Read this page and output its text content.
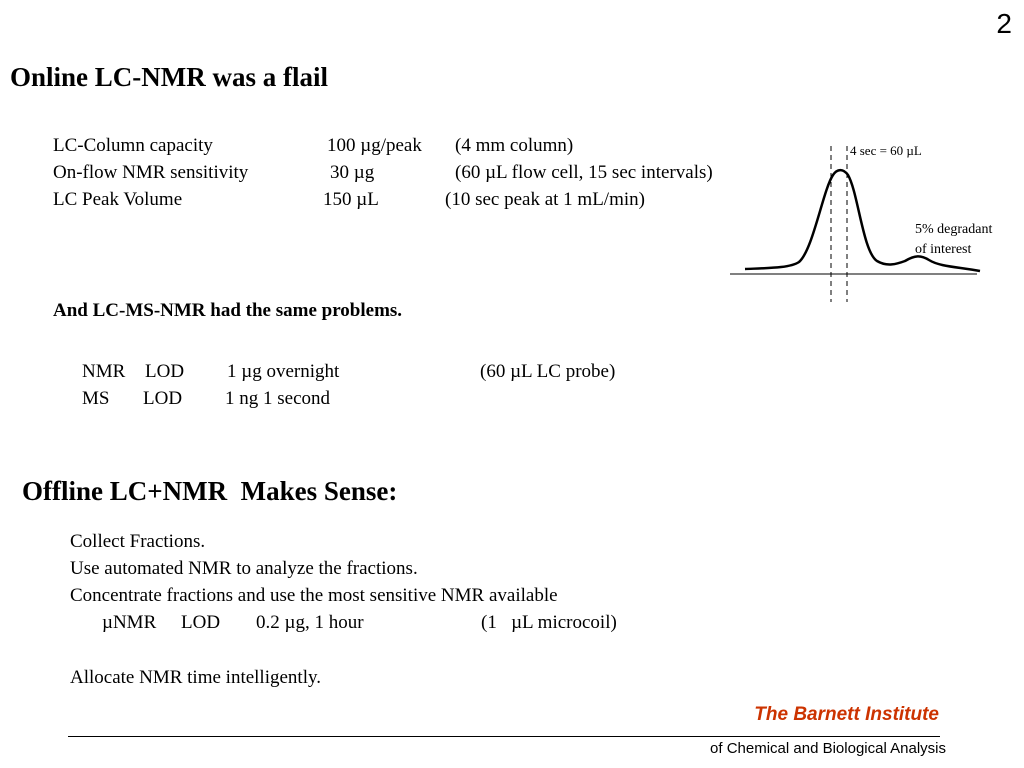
2
Online LC-NMR was a flail
LC-Column capacity	100 µg/peak (4 mm column)
On-flow NMR sensitivity	30 µg	(60 µL flow cell, 15 sec intervals)
LC Peak Volume	150 µL	(10 sec peak at 1 mL/min)
4 sec = 60 µL
5% degradant
of interest
And LC-MS-NMR had the same problems.
NMR LOD 1 µg overnight	(60 µL LC probe)
MS LOD 1 ng 1 second
Offline LC+NMR  Makes Sense:
Collect Fractions.
Use automated NMR to analyze the fractions.
Concentrate fractions and use the most sensitive NMR available
µNMR LOD 0.2 µg, 1 hour	(1   µL microcoil)
Allocate NMR time intelligently.
The Barnett Institute
of Chemical and Biological Analysis
